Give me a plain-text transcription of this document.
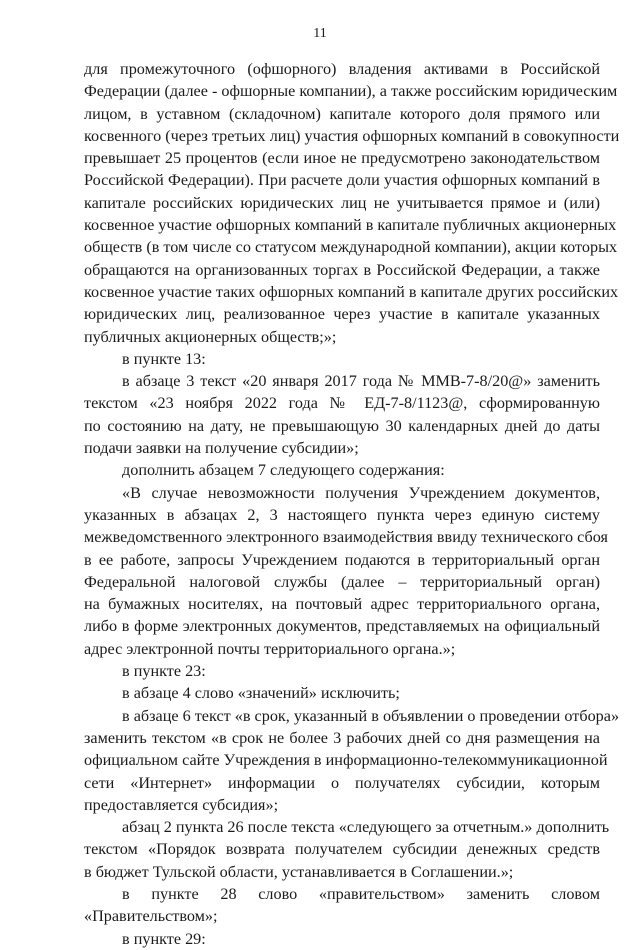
11
для промежуточного (офшорного) владения активами в Российской
Федерации (далее - офшорные компании), а также российским юридическим
лицом, в уставном (складочном) капитале которого доля прямого или
косвенного (через третьих лиц) участия офшорных компаний в совокупности
превышает 25 процентов (если иное не предусмотрено законодательством
Российской Федерации). При расчете доли участия офшорных компаний в
капитале российских юридических лиц не учитывается прямое и (или)
косвенное участие офшорных компаний в капитале публичных акционерных
обществ (в том числе со статусом международной компании), акции которых
обращаются на организованных торгах в Российской Федерации, а также
косвенное участие таких офшорных компаний в капитале других российских
юридических лиц, реализованное через участие в капитале указанных
публичных акционерных обществ;»;
в пункте 13:
в абзаце 3 текст «20 января 2017 года № ММВ-7-8/20@» заменить
текстом «23 ноября 2022 года № ЕД-7-8/1123@, сформированную
по состоянию на дату, не превышающую 30 календарных дней до даты
подачи заявки на получение субсидии»;
дополнить абзацем 7 следующего содержания:
«В случае невозможности получения Учреждением документов,
указанных в абзацах 2, 3 настоящего пункта через единую систему
межведомственного электронного взаимодействия ввиду технического сбоя
в ее работе, запросы Учреждением подаются в территориальный орган
Федеральной налоговой службы (далее – территориальный орган)
на бумажных носителях, на почтовый адрес территориального органа,
либо в форме электронных документов, представляемых на официальный
адрес электронной почты территориального органа.»;
в пункте 23:
в абзаце 4 слово «значений» исключить;
в абзаце 6 текст «в срок, указанный в объявлении о проведении отбора»
заменить текстом «в срок не более 3 рабочих дней со дня размещения на
официальном сайте Учреждения в информационно-телекоммуникационной
сети «Интернет» информации о получателях субсидии, которым
предоставляется субсидия»;
абзац 2 пункта 26 после текста «следующего за отчетным.» дополнить
текстом «Порядок возврата получателем субсидии денежных средств
в бюджет Тульской области, устанавливается в Соглашении.»;
в пункте 28 слово «правительством» заменить словом
«Правительством»;
в пункте 29:
